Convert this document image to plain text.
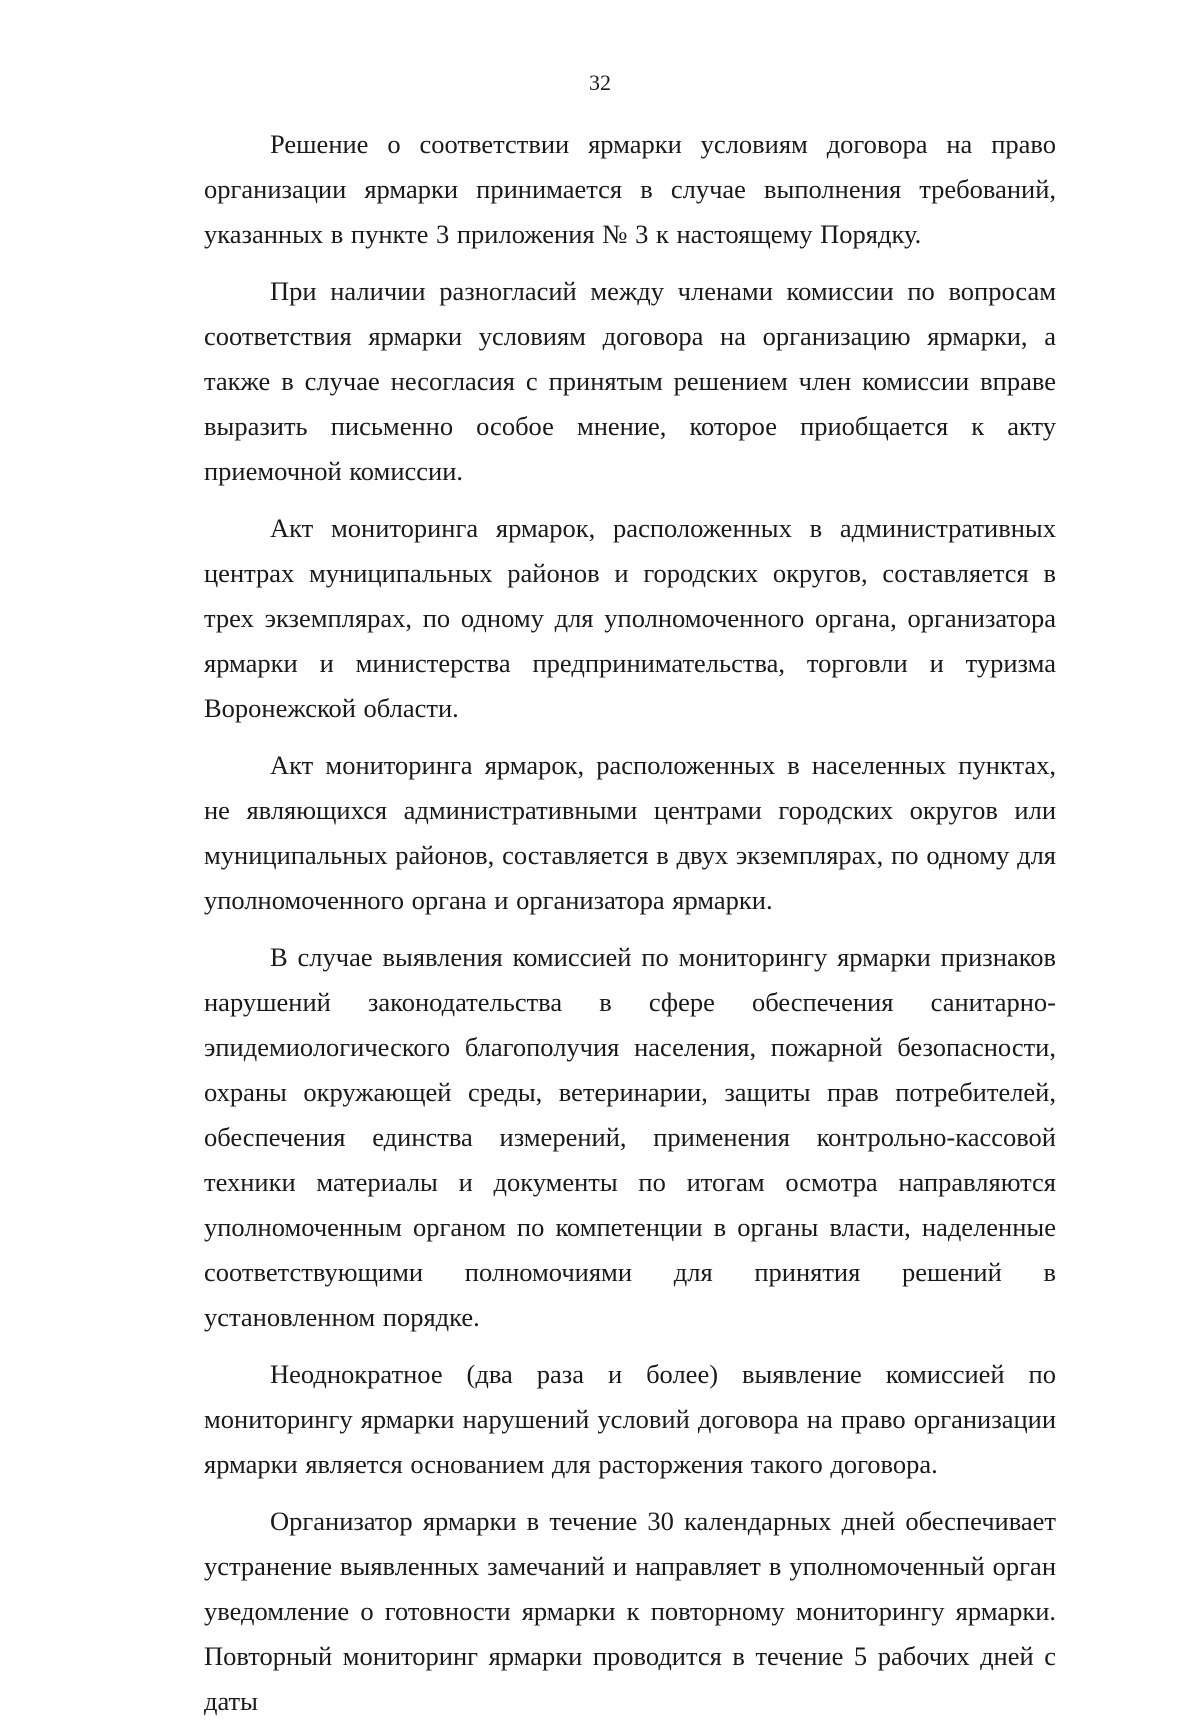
32

Решение о соответствии ярмарки условиям договора на право организации ярмарки принимается в случае выполнения требований, указанных в пункте 3 приложения № 3 к настоящему Порядку.

При наличии разногласий между членами комиссии по вопросам соответствия ярмарки условиям договора на организацию ярмарки, а также в случае несогласия с принятым решением член комиссии вправе выразить письменно особое мнение, которое приобщается к акту приемочной комиссии.

Акт мониторинга ярмарок, расположенных в административных центрах муниципальных районов и городских округов, составляется в трех экземплярах, по одному для уполномоченного органа, организатора ярмарки и министерства предпринимательства, торговли и туризма Воронежской области.

Акт мониторинга ярмарок, расположенных в населенных пунктах, не являющихся административными центрами городских округов или муниципальных районов, составляется в двух экземплярах, по одному для уполномоченного органа и организатора ярмарки.

В случае выявления комиссией по мониторингу ярмарки признаков нарушений законодательства в сфере обеспечения санитарно-эпидемиологического благополучия населения, пожарной безопасности, охраны окружающей среды, ветеринарии, защиты прав потребителей, обеспечения единства измерений, применения контрольно-кассовой техники материалы и документы по итогам осмотра направляются уполномоченным органом по компетенции в органы власти, наделенные соответствующими полномочиями для принятия решений в установленном порядке.

Неоднократное (два раза и более) выявление комиссией по мониторингу ярмарки нарушений условий договора на право организации ярмарки является основанием для расторжения такого договора.

Организатор ярмарки в течение 30 календарных дней обеспечивает устранение выявленных замечаний и направляет в уполномоченный орган уведомление о готовности ярмарки к повторному мониторингу ярмарки. Повторный мониторинг ярмарки проводится в течение 5 рабочих дней с даты
